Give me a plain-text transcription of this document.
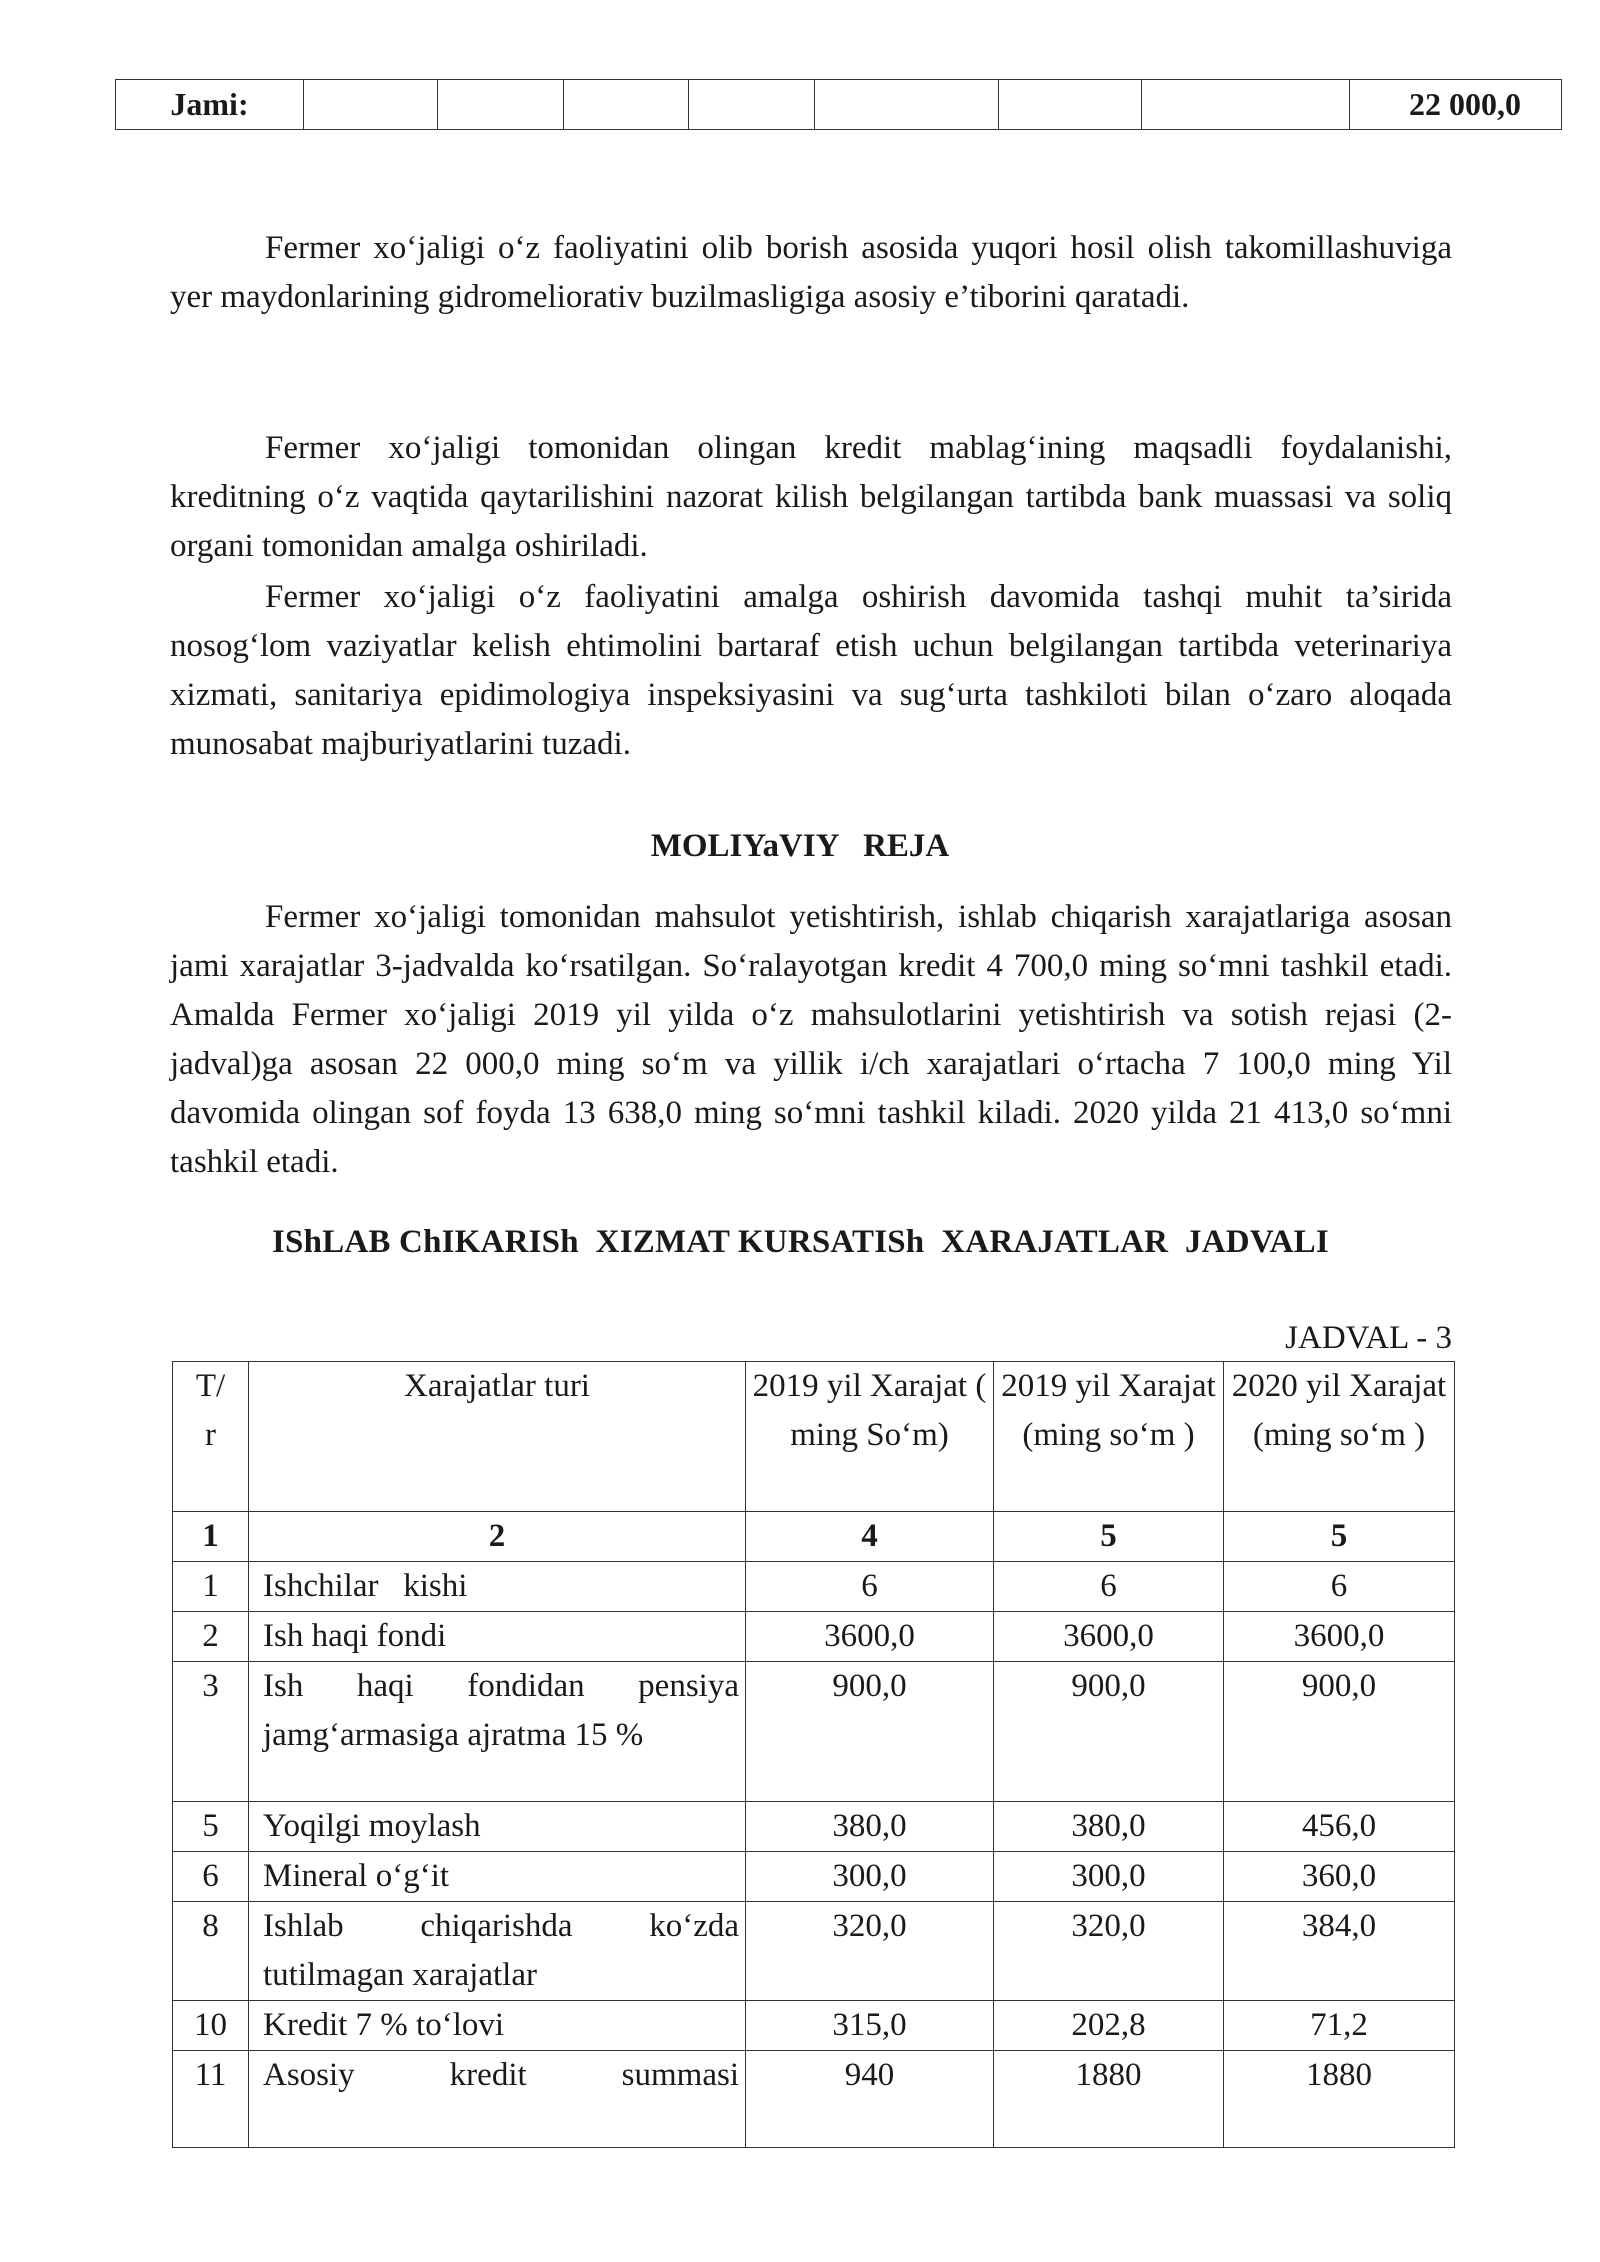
Jami:								22 000,0

Fermer xo‘jaligi o‘z faoliyatini olib borish asosida yuqori hosil olish takomillashuviga yer maydonlarining gidromeliorativ buzilmasligiga asosiy e’tiborini qaratadi.

Fermer xo‘jaligi tomonidan olingan kredit mablag‘ining maqsadli foydalanishi, kreditning o‘z vaqtida qaytarilishini nazorat kilish belgilangan tartibda bank muassasi va soliq organi tomonidan amalga oshiriladi.

Fermer xo‘jaligi o‘z faoliyatini amalga oshirish davomida tashqi muhit ta’sirida nosog‘lom vaziyatlar kelish ehtimolini bartaraf etish uchun belgilangan tartibda veterinariya xizmati, sanitariya epidimologiya inspeksiyasini va sug‘urta tashkiloti bilan o‘zaro aloqada munosabat majburiyatlarini tuzadi.

MOLIYaVIY   REJA

Fermer xo‘jaligi tomonidan mahsulot yetishtirish, ishlab chiqarish xarajatlariga asosan jami xarajatlar 3-jadvalda ko‘rsatilgan. So‘ralayotgan kredit 4 700,0 ming so‘mni tashkil etadi. Amalda Fermer xo‘jaligi 2019 yil yilda o‘z mahsulotlarini yetishtirish va sotish rejasi (2-jadval)ga asosan 22 000,0 ming so‘m va yillik i/ch xarajatlari o‘rtacha 7 100,0 ming Yil davomida olingan sof foyda 13 638,0 ming so‘mni tashkil kiladi. 2020 yilda 21 413,0 so‘mni tashkil etadi.

IShLAB ChIKARISh  XIZMAT KURSATISh  XARAJATLAR  JADVALI

JADVAL - 3

T/ r	Xarajatlar turi	2019 yil Xarajat ( ming So‘m)	2019 yil Xarajat (ming so‘m )	2020 yil Xarajat (ming so‘m )
1	2	4	5	5
1	Ishchilar   kishi	6	6	6
2	Ish haqi fondi	3600,0	3600,0	3600,0
3	Ish haqi fondidan pensiya jamg‘armasiga ajratma 15 %	900,0	900,0	900,0
5	Yoqilgi moylash	380,0	380,0	456,0
6	Mineral o‘g‘it	300,0	300,0	360,0
8	Ishlab chiqarishda ko‘zda tutilmagan xarajatlar	320,0	320,0	384,0
10	Kredit 7 % to‘lovi	315,0	202,8	71,2
11	Asosiy kredit summasi	940	1880	1880
